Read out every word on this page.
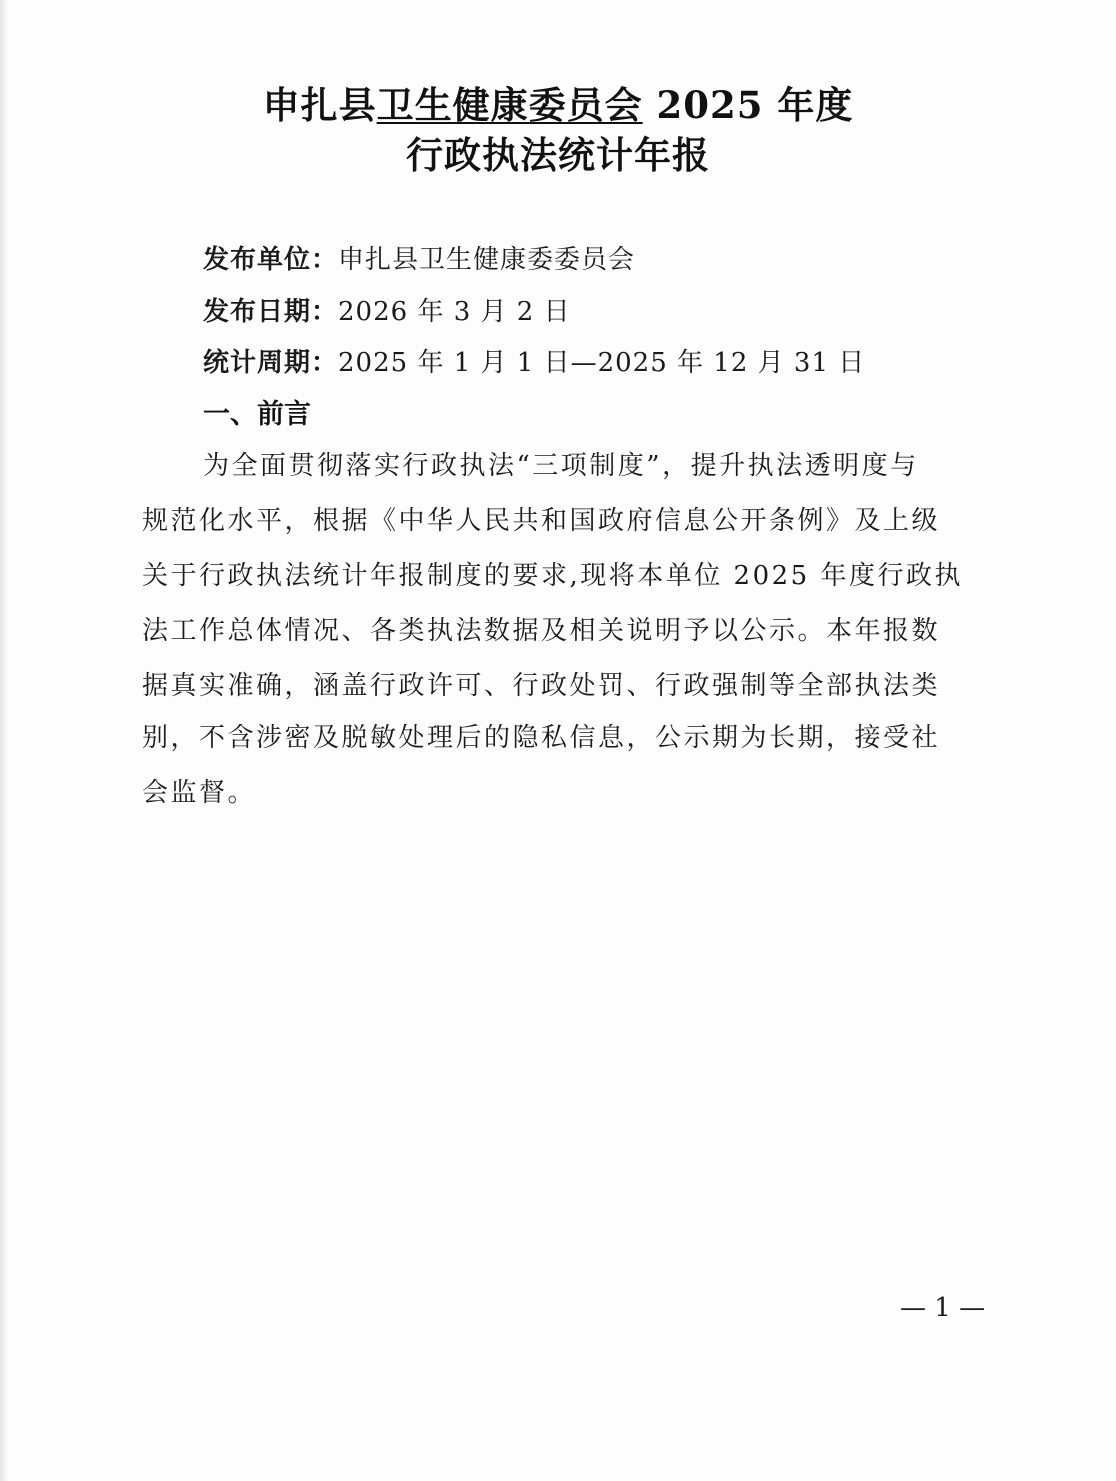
申扎县卫生健康委员会 2025 年度
行政执法统计年报
发布单位：申扎县卫生健康委委员会
发布日期：2026 年 3 月 2 日
统计周期：2025 年 1 月 1 日—2025 年 12 月 31 日
一、前言
为全面贯彻落实行政执法“三项制度”，提升执法透明度与
规范化水平，根据《中华人民共和国政府信息公开条例》及上级
关于行政执法统计年报制度的要求,现将本单位 2025 年度行政执
法工作总体情况、各类执法数据及相关说明予以公示。本年报数
据真实准确，涵盖行政许可、行政处罚、行政强制等全部执法类
别，不含涉密及脱敏处理后的隐私信息，公示期为长期，接受社
会监督。
— 1 —
